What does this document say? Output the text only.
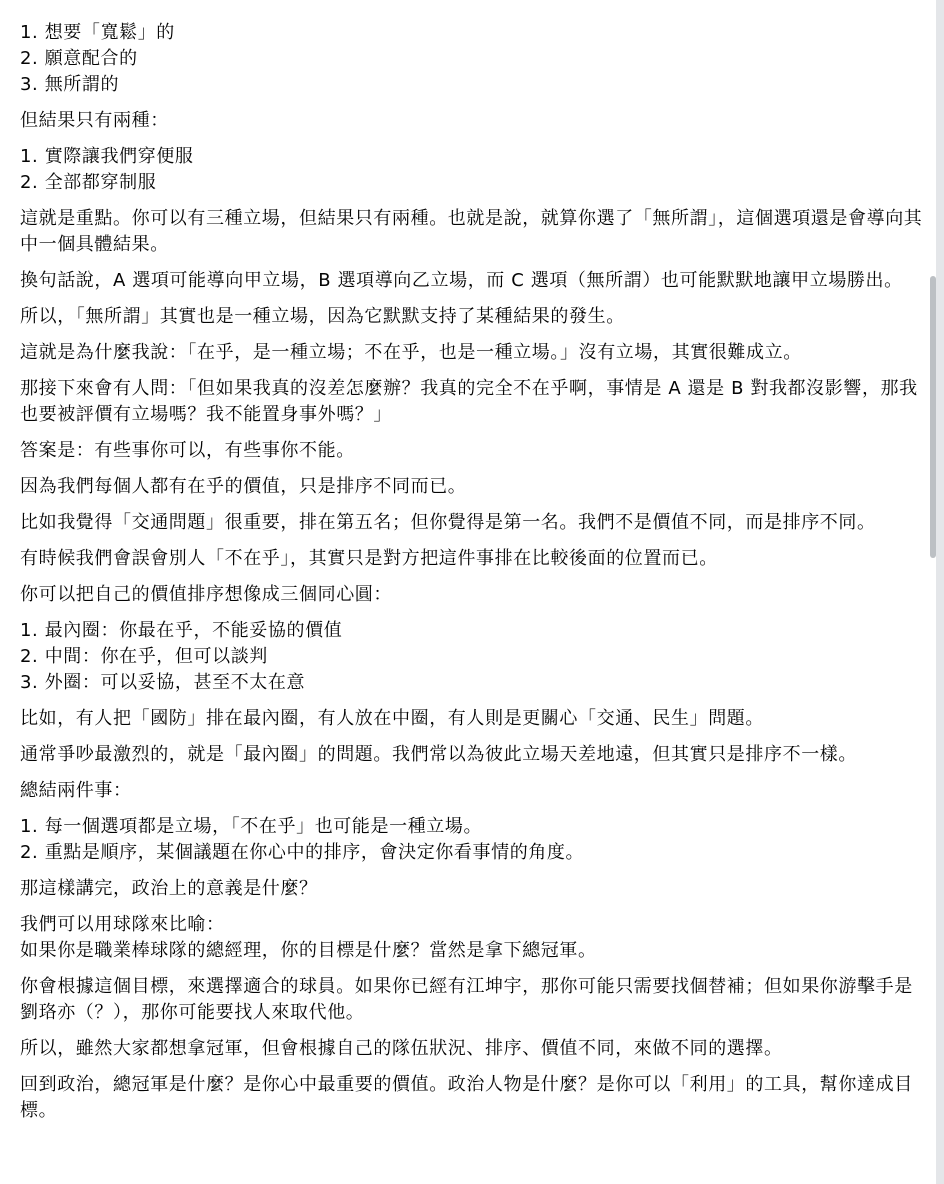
1. 想要「寬鬆」的
2. 願意配合的
3. 無所謂的

但結果只有兩種：

1. 實際讓我們穿便服
2. 全部都穿制服

這就是重點。你可以有三種立場，但結果只有兩種。也就是說，就算你選了「無所謂」，這個選項還是會導向其中一個具體結果。

換句話說，A 選項可能導向甲立場，B 選項導向乙立場，而 C 選項（無所謂）也可能默默地讓甲立場勝出。

所以，「無所謂」其實也是一種立場，因為它默默支持了某種結果的發生。

這就是為什麼我說：「在乎，是一種立場；不在乎，也是一種立場。」沒有立場，其實很難成立。

那接下來會有人問：「但如果我真的沒差怎麼辦？我真的完全不在乎啊，事情是 A 還是 B 對我都沒影響，那我也要被評價有立場嗎？我不能置身事外嗎？」

答案是：有些事你可以，有些事你不能。

因為我們每個人都有在乎的價值，只是排序不同而已。

比如我覺得「交通問題」很重要，排在第五名；但你覺得是第一名。我們不是價值不同，而是排序不同。

有時候我們會誤會別人「不在乎」，其實只是對方把這件事排在比較後面的位置而已。

你可以把自己的價值排序想像成三個同心圓：

1. 最內圈：你最在乎，不能妥協的價值
2. 中間：你在乎，但可以談判
3. 外圈：可以妥協，甚至不太在意

比如，有人把「國防」排在最內圈，有人放在中圈，有人則是更關心「交通、民生」問題。

通常爭吵最激烈的，就是「最內圈」的問題。我們常以為彼此立場天差地遠，但其實只是排序不一樣。

總結兩件事：

1. 每一個選項都是立場，「不在乎」也可能是一種立場。
2. 重點是順序，某個議題在你心中的排序，會決定你看事情的角度。

那這樣講完，政治上的意義是什麼？

我們可以用球隊來比喻：
如果你是職業棒球隊的總經理，你的目標是什麼？當然是拿下總冠軍。

你會根據這個目標，來選擇適合的球員。如果你已經有江坤宇，那你可能只需要找個替補；但如果你游擊手是劉珞亦（？），那你可能要找人來取代他。

所以，雖然大家都想拿冠軍，但會根據自己的隊伍狀況、排序、價值不同，來做不同的選擇。

回到政治，總冠軍是什麼？是你心中最重要的價值。政治人物是什麼？是你可以「利用」的工具，幫你達成目標。
